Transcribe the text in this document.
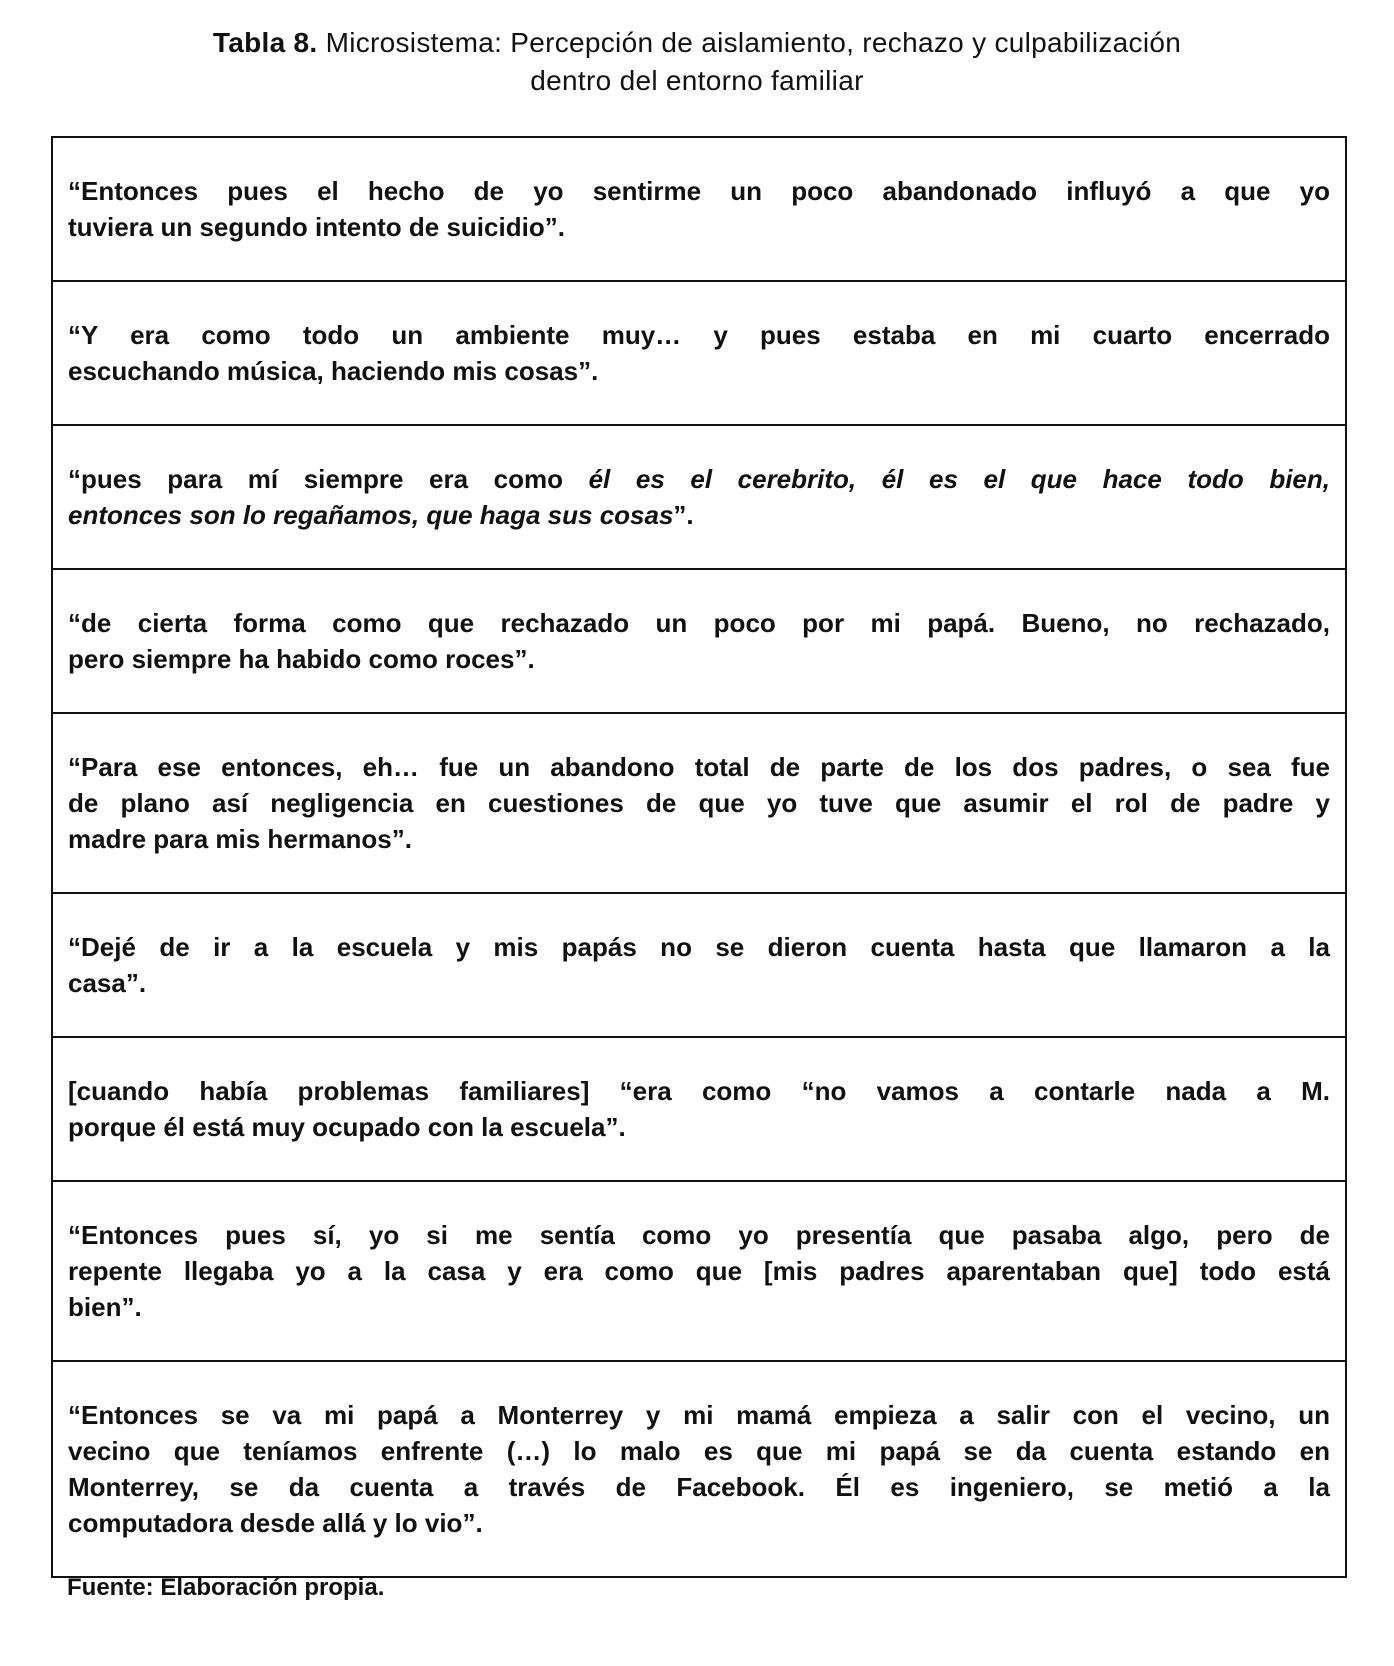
Tabla 8. Microsistema: Percepción de aislamiento, rechazo y culpabilización
dentro del entorno familiar
“Entonces pues el hecho de yo sentirme un poco abandonado influyó a que yo
tuviera un segundo intento de suicidio”.
“Y era como todo un ambiente muy… y pues estaba en mi cuarto encerrado
escuchando música, haciendo mis cosas”.
“pues para mí siempre era como él es el cerebrito, él es el que hace todo bien,
entonces son lo regañamos, que haga sus cosas”.
“de cierta forma como que rechazado un poco por mi papá. Bueno, no rechazado,
pero siempre ha habido como roces”.
“Para ese entonces, eh… fue un abandono total de parte de los dos padres, o sea fue
de plano así negligencia en cuestiones de que yo tuve que asumir el rol de padre y
madre para mis hermanos”.
“Dejé de ir a la escuela y mis papás no se dieron cuenta hasta que llamaron a la
casa”.
[cuando había problemas familiares] “era como “no vamos a contarle nada a M.
porque él está muy ocupado con la escuela”.
“Entonces pues sí, yo si me sentía como yo presentía que pasaba algo, pero de
repente llegaba yo a la casa y era como que [mis padres aparentaban que] todo está
bien”.
“Entonces se va mi papá a Monterrey y mi mamá empieza a salir con el vecino, un
vecino que teníamos enfrente (…) lo malo es que mi papá se da cuenta estando en
Monterrey, se da cuenta a través de Facebook. Él es ingeniero, se metió a la
computadora desde allá y lo vio”.
Fuente: Elaboración propia.
